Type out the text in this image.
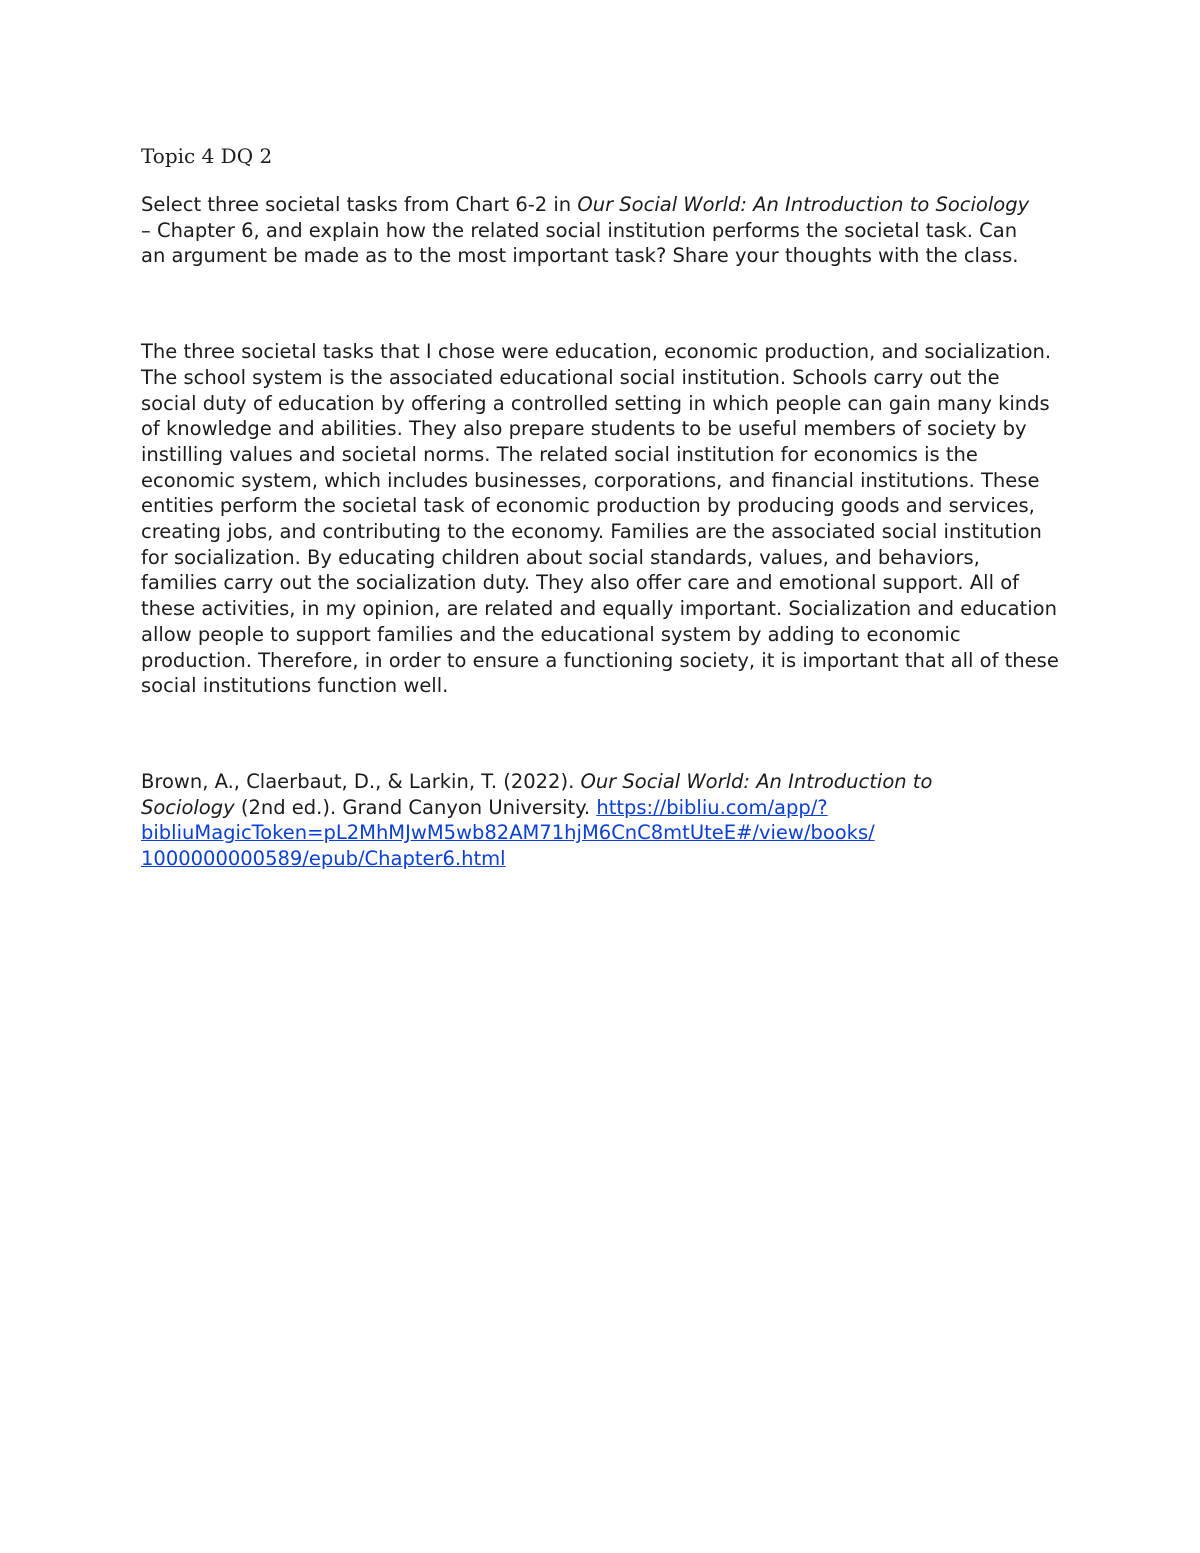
Topic 4 DQ 2

Select three societal tasks from Chart 6-2 in Our Social World: An Introduction to Sociology – Chapter 6, and explain how the related social institution performs the societal task. Can an argument be made as to the most important task? Share your thoughts with the class.

The three societal tasks that I chose were education, economic production, and socialization. The school system is the associated educational social institution. Schools carry out the social duty of education by offering a controlled setting in which people can gain many kinds of knowledge and abilities. They also prepare students to be useful members of society by instilling values and societal norms. The related social institution for economics is the economic system, which includes businesses, corporations, and financial institutions. These entities perform the societal task of economic production by producing goods and services, creating jobs, and contributing to the economy. Families are the associated social institution for socialization. By educating children about social standards, values, and behaviors, families carry out the socialization duty. They also offer care and emotional support. All of these activities, in my opinion, are related and equally important. Socialization and education allow people to support families and the educational system by adding to economic production. Therefore, in order to ensure a functioning society, it is important that all of these social institutions function well.

Brown, A., Claerbaut, D., & Larkin, T. (2022). Our Social World: An Introduction to Sociology (2nd ed.). Grand Canyon University. https://bibliu.com/app/?bibliuMagicToken=pL2MhMJwM5wb82AM71hjM6CnC8mtUteE#/view/books/​1000000000589/epub/Chapter6.html
